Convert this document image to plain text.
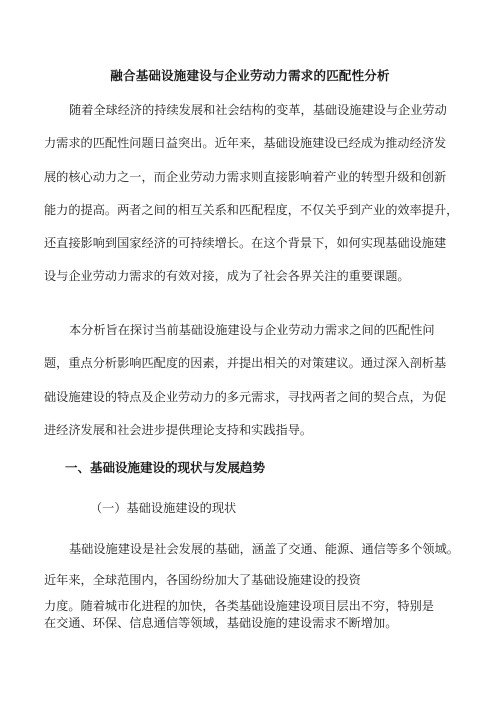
融合基础设施建设与企业劳动力需求的匹配性分析
随着全球经济的持续发展和社会结构的变革，基础设施建设与企业劳动
力需求的匹配性问题日益突出。近年来，基础设施建设已经成为推动经济发
展的核心动力之一，而企业劳动力需求则直接影响着产业的转型升级和创新
能力的提高。两者之间的相互关系和匹配程度，不仅关乎到产业的效率提升，
还直接影响到国家经济的可持续增长。在这个背景下，如何实现基础设施建
设与企业劳动力需求的有效对接，成为了社会各界关注的重要课题。
本分析旨在探讨当前基础设施建设与企业劳动力需求之间的匹配性问
题，重点分析影响匹配度的因素，并提出相关的对策建议。通过深入剖析基
础设施建设的特点及企业劳动力的多元需求，寻找两者之间的契合点，为促
进经济发展和社会进步提供理论支持和实践指导。
一、基础设施建设的现状与发展趋势
（一）基础设施建设的现状
基础设施建设是社会发展的基础，涵盖了交通、能源、通信等多个领域。
近年来，全球范围内，各国纷纷加大了基础设施建设的投资
力度。随着城市化进程的加快，各类基础设施建设项目层出不穷，特别是
在交通、环保、信息通信等领域，基础设施的建设需求不断增加。
